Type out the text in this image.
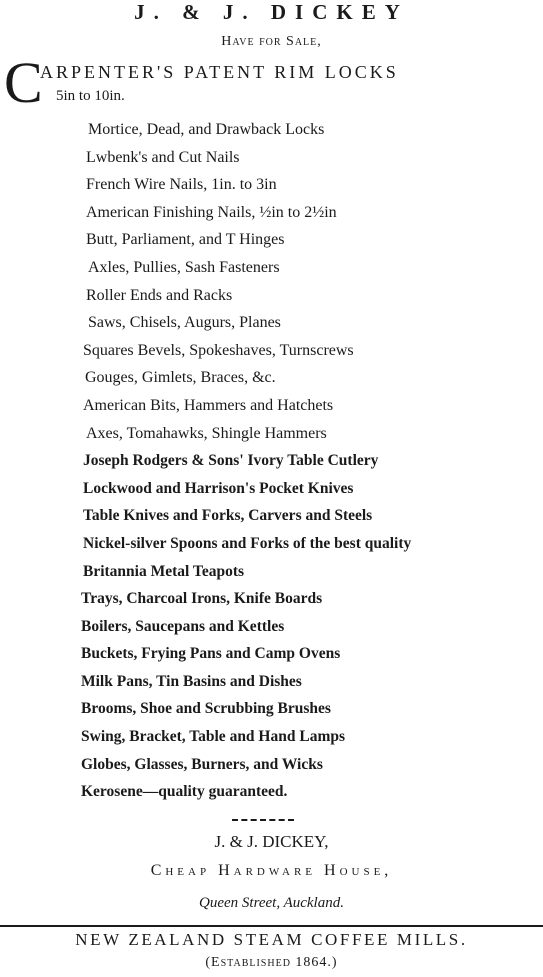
J. & J. DICKEY
Have for Sale,
C
ARPENTER'S PATENT RIM LOCKS
5in to 10in.
Mortice, Dead, and Drawback Locks
Lwbenk's and Cut Nails
French Wire Nails, 1in. to 3in
American Finishing Nails, ½in to 2½in
Butt, Parliament, and T Hinges
Axles, Pullies, Sash Fasteners
Roller Ends and Racks
Saws, Chisels, Augurs, Planes
Squares Bevels, Spokeshaves, Turnscrews
Gouges, Gimlets, Braces, &c.
American Bits, Hammers and Hatchets
Axes, Tomahawks, Shingle Hammers
Joseph Rodgers & Sons' Ivory Table Cutlery
Lockwood and Harrison's Pocket Knives
Table Knives and Forks, Carvers and Steels
Nickel-silver Spoons and Forks of the best quality
Britannia Metal Teapots
Trays, Charcoal Irons, Knife Boards
Boilers, Saucepans and Kettles
Buckets, Frying Pans and Camp Ovens
Milk Pans, Tin Basins and Dishes
Brooms, Shoe and Scrubbing Brushes
Swing, Bracket, Table and Hand Lamps
Globes, Glasses, Burners, and Wicks
Kerosene—quality guaranteed.
J. & J. DICKEY,
Cheap Hardware House,
Queen Street, Auckland.
NEW ZEALAND STEAM COFFEE MILLS.
(Established 1864.)
